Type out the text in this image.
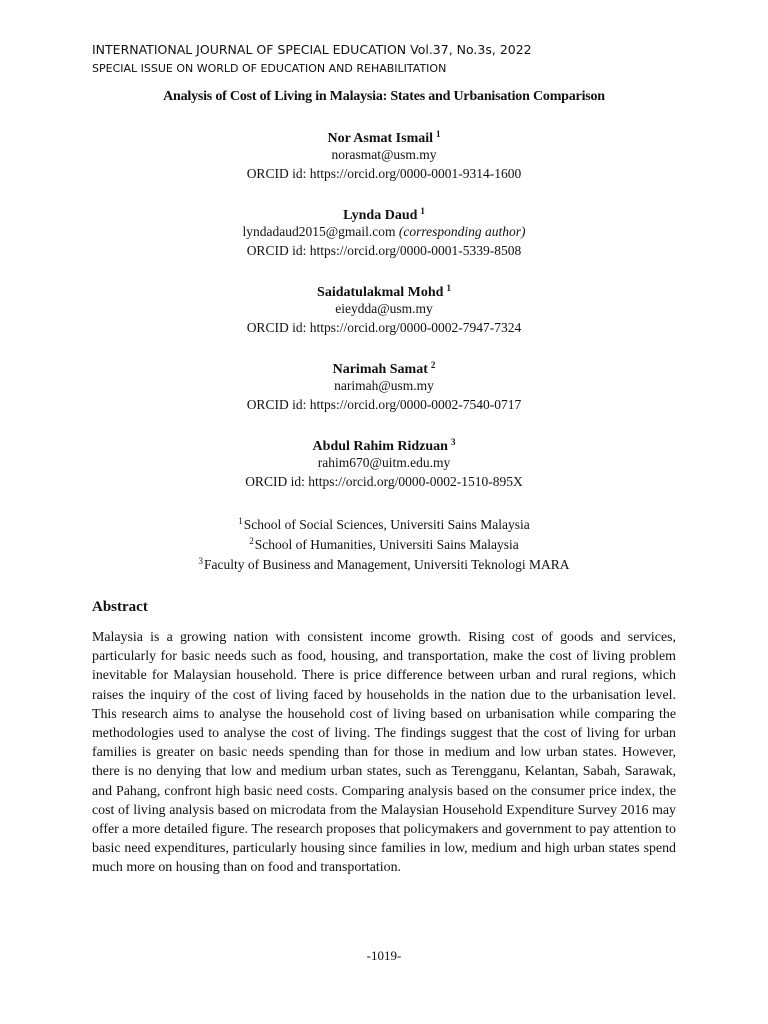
INTERNATIONAL JOURNAL OF SPECIAL EDUCATION Vol.37, No.3s, 2022
SPECIAL ISSUE ON WORLD OF EDUCATION AND REHABILITATION
Analysis of Cost of Living in Malaysia: States and Urbanisation Comparison
Nor Asmat Ismail $^1$
norasmat@usm.my
ORCID id: https://orcid.org/0000-0001-9314-1600
Lynda Daud $^1$
lyndadaud2015@gmail.com (corresponding author)
ORCID id: https://orcid.org/0000-0001-5339-8508
Saidatulakmal Mohd $^1$
eieydda@usm.my
ORCID id: https://orcid.org/0000-0002-7947-7324
Narimah Samat $^2$
narimah@usm.my
ORCID id: https://orcid.org/0000-0002-7540-0717
Abdul Rahim Ridzuan $^3$
rahim670@uitm.edu.my
ORCID id: https://orcid.org/0000-0002-1510-895X
$^1$School of Social Sciences, Universiti Sains Malaysia
$^2$School of Humanities, Universiti Sains Malaysia
$^3$Faculty of Business and Management, Universiti Teknologi MARA
Abstract
Malaysia is a growing nation with consistent income growth. Rising cost of goods and services, particularly for basic needs such as food, housing, and transportation, make the cost of living problem inevitable for Malaysian household. There is price difference between urban and rural regions, which raises the inquiry of the cost of living faced by households in the nation due to the urbanisation level. This research aims to analyse the household cost of living based on urbanisation while comparing the methodologies used to analyse the cost of living. The findings suggest that the cost of living for urban families is greater on basic needs spending than for those in medium and low urban states. However, there is no denying that low and medium urban states, such as Terengganu, Kelantan, Sabah, Sarawak, and Pahang, confront high basic need costs. Comparing analysis based on the consumer price index, the cost of living analysis based on microdata from the Malaysian Household Expenditure Survey 2016 may offer a more detailed figure. The research proposes that policymakers and government to pay attention to basic need expenditures, particularly housing since families in low, medium and high urban states spend much more on housing than on food and transportation.
-1019-
